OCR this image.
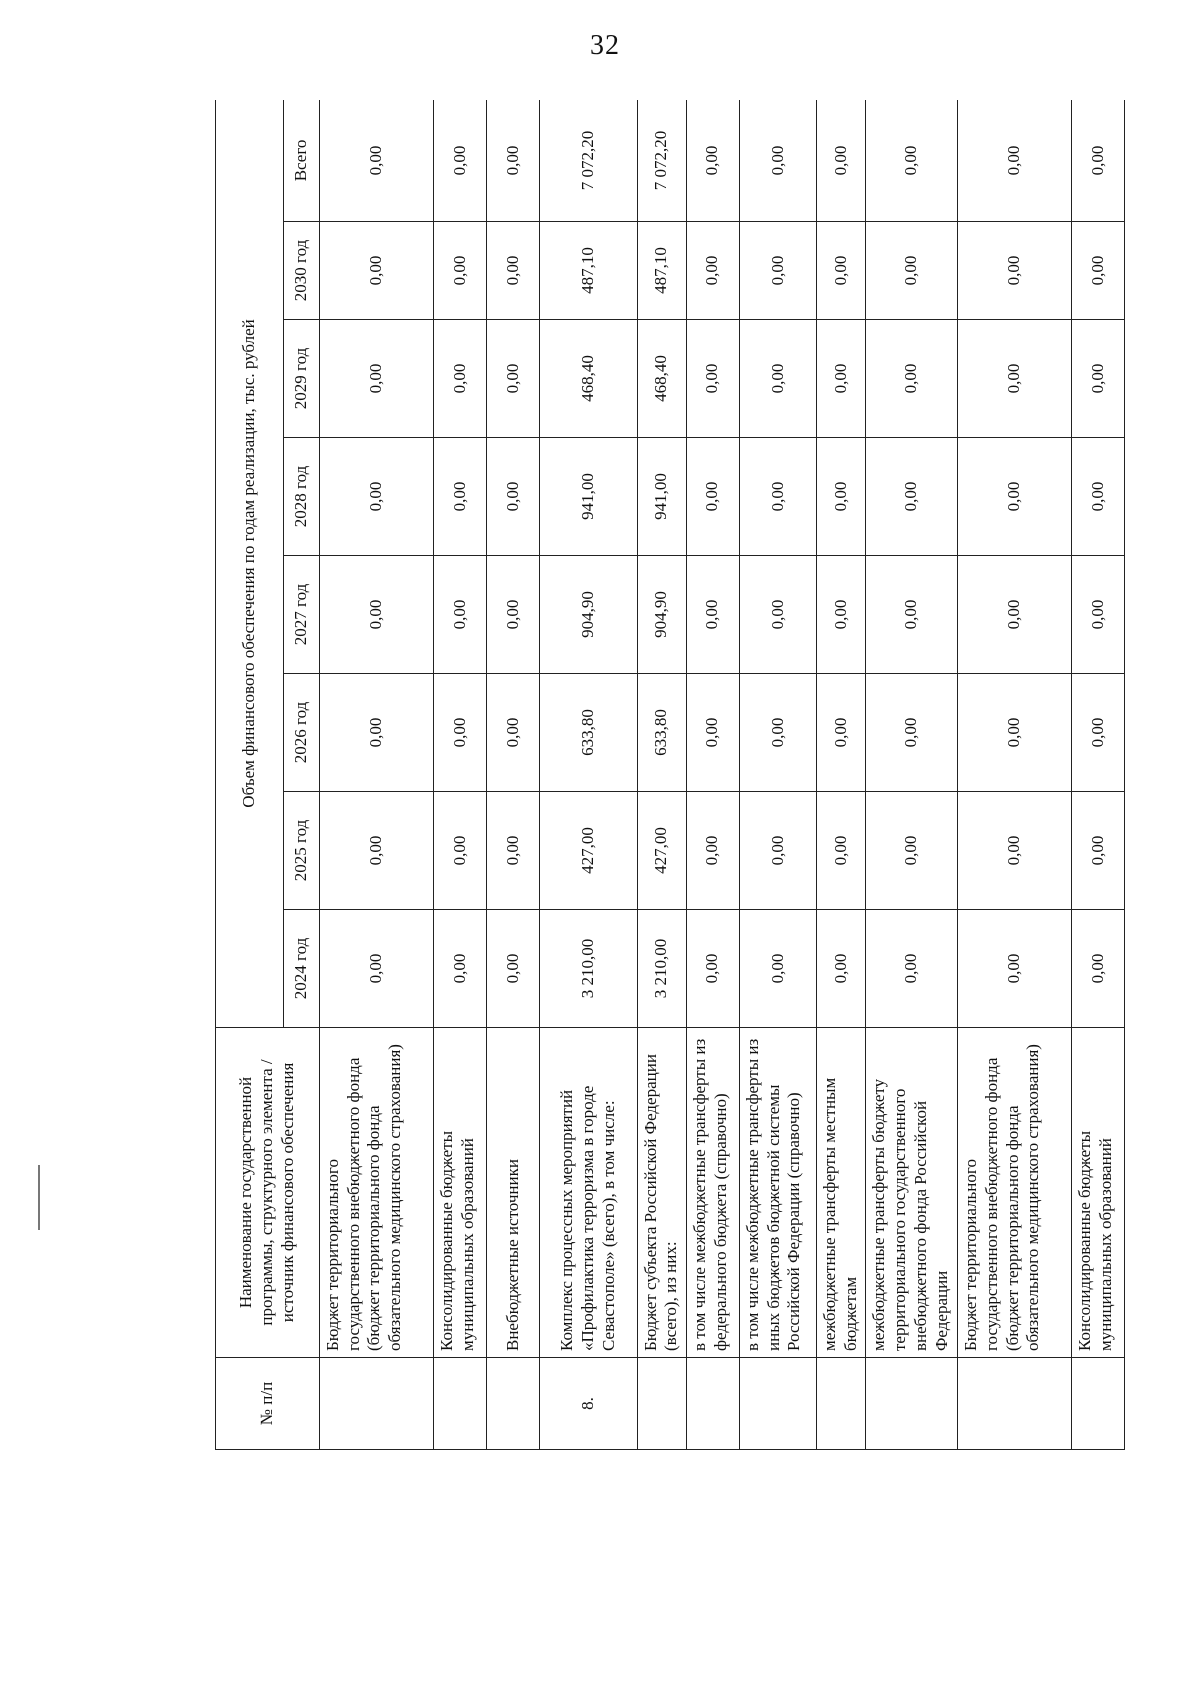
32
№ п/п	Наименование государственной программы, структурного элемента / источник финансового обеспечения	Объем финансового обеспечения по годам реализации, тыс. рублей							
		2024 год	2025 год	2026 год	2027 год	2028 год	2029 год	2030 год	Всего
	Бюджет территориального государственного внебюджетного фонда (бюджет территориального фонда обязательного медицинского страхования)	0,00	0,00	0,00	0,00	0,00	0,00	0,00	0,00
	Консолидированные бюджеты муниципальных образований	0,00	0,00	0,00	0,00	0,00	0,00	0,00	0,00
	Внебюджетные источники	0,00	0,00	0,00	0,00	0,00	0,00	0,00	0,00
8.	Комплекс процессных мероприятий «Профилактика терроризма в городе Севастополе» (всего), в том числе:	3 210,00	427,00	633,80	904,90	941,00	468,40	487,10	7 072,20
	Бюджет субъекта Российской Федерации (всего), из них:	3 210,00	427,00	633,80	904,90	941,00	468,40	487,10	7 072,20
	в том числе межбюджетные трансферты из федерального бюджета (справочно)	0,00	0,00	0,00	0,00	0,00	0,00	0,00	0,00
	в том числе межбюджетные трансферты из иных бюджетов бюджетной системы Российской Федерации (справочно)	0,00	0,00	0,00	0,00	0,00	0,00	0,00	0,00
	межбюджетные трансферты местным бюджетам	0,00	0,00	0,00	0,00	0,00	0,00	0,00	0,00
	межбюджетные трансферты бюджету территориального государственного внебюджетного фонда Российской Федерации	0,00	0,00	0,00	0,00	0,00	0,00	0,00	0,00
	Бюджет территориального государственного внебюджетного фонда (бюджет территориального фонда обязательного медицинского страхования)	0,00	0,00	0,00	0,00	0,00	0,00	0,00	0,00
	Консолидированные бюджеты муниципальных образований	0,00	0,00	0,00	0,00	0,00	0,00	0,00	0,00
